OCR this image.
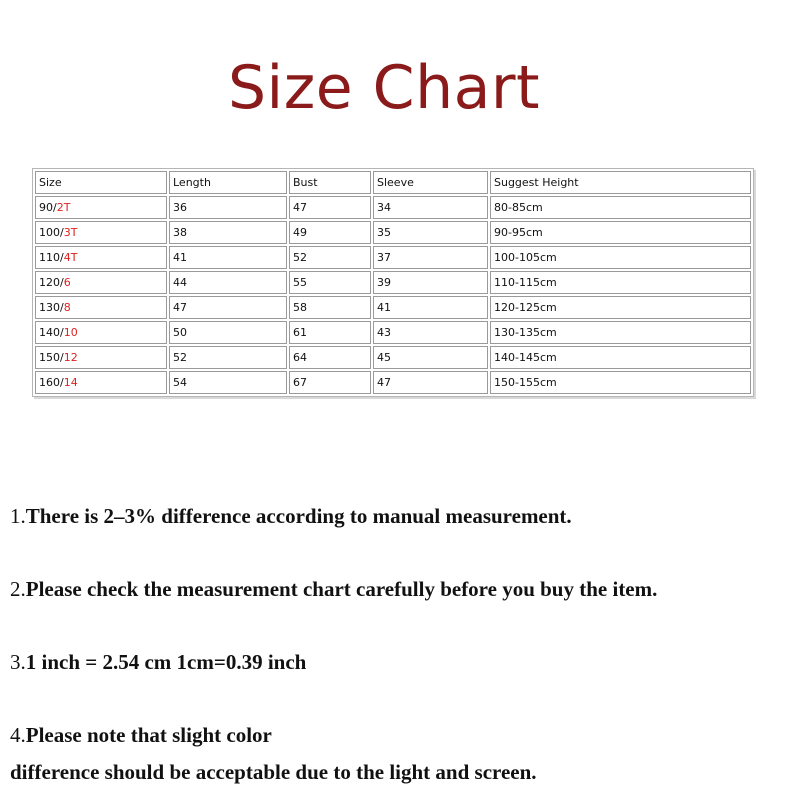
Size Chart
Size	Length	Bust	Sleeve	Suggest Height
90/2T	36	47	34	80-85cm
100/3T	38	49	35	90-95cm
110/4T	41	52	37	100-105cm
120/6	44	55	39	110-115cm
130/8	47	58	41	120-125cm
140/10	50	61	43	130-135cm
150/12	52	64	45	140-145cm
160/14	54	67	47	150-155cm
1.There is 2–3% difference according to manual measurement.
2.Please check the measurement chart carefully before you buy the item.
3.1 inch = 2.54 cm 1cm=0.39 inch
4.Please note that slight color
difference should be acceptable due to the light and screen.
